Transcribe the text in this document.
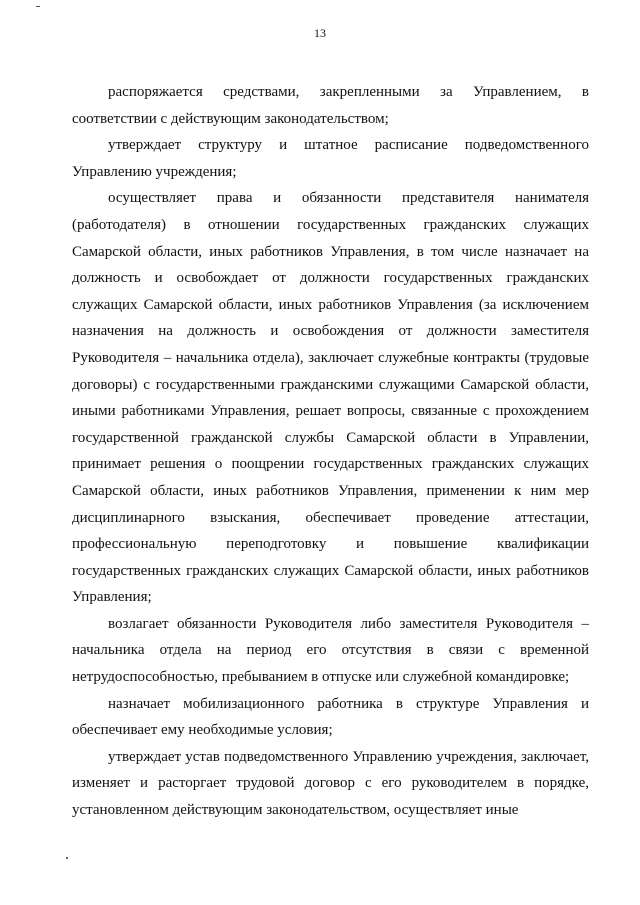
13

распоряжается средствами, закрепленными за Управлением, в соответствии с действующим законодательством;

утверждает структуру и штатное расписание подведомственного Управлению учреждения;

осуществляет права и обязанности представителя нанимателя (работодателя) в отношении государственных гражданских служащих Самарской области, иных работников Управления, в том числе назначает на должность и освобождает от должности государственных гражданских служащих Самарской области, иных работников Управления (за исключением назначения на должность и освобождения от должности заместителя Руководителя – начальника отдела), заключает служебные контракты (трудовые договоры) с государственными гражданскими служащими Самарской области, иными работниками Управления, решает вопросы, связанные с прохождением государственной гражданской службы Самарской области в Управлении, принимает решения о поощрении государственных гражданских служащих Самарской области, иных работников Управления, применении к ним мер дисциплинарного взыскания, обеспечивает проведение аттестации, профессиональную переподготовку и повышение квалификации государственных гражданских служащих Самарской области, иных работников Управления;

возлагает обязанности Руководителя либо заместителя Руководителя – начальника отдела на период его отсутствия в связи с временной нетрудоспособностью, пребыванием в отпуске или служебной командировке;

назначает мобилизационного работника в структуре Управления и обеспечивает ему необходимые условия;

утверждает устав подведомственного Управлению учреждения, заключает, изменяет и расторгает трудовой договор с его руководителем в порядке, установленном действующим законодательством, осуществляет иные
